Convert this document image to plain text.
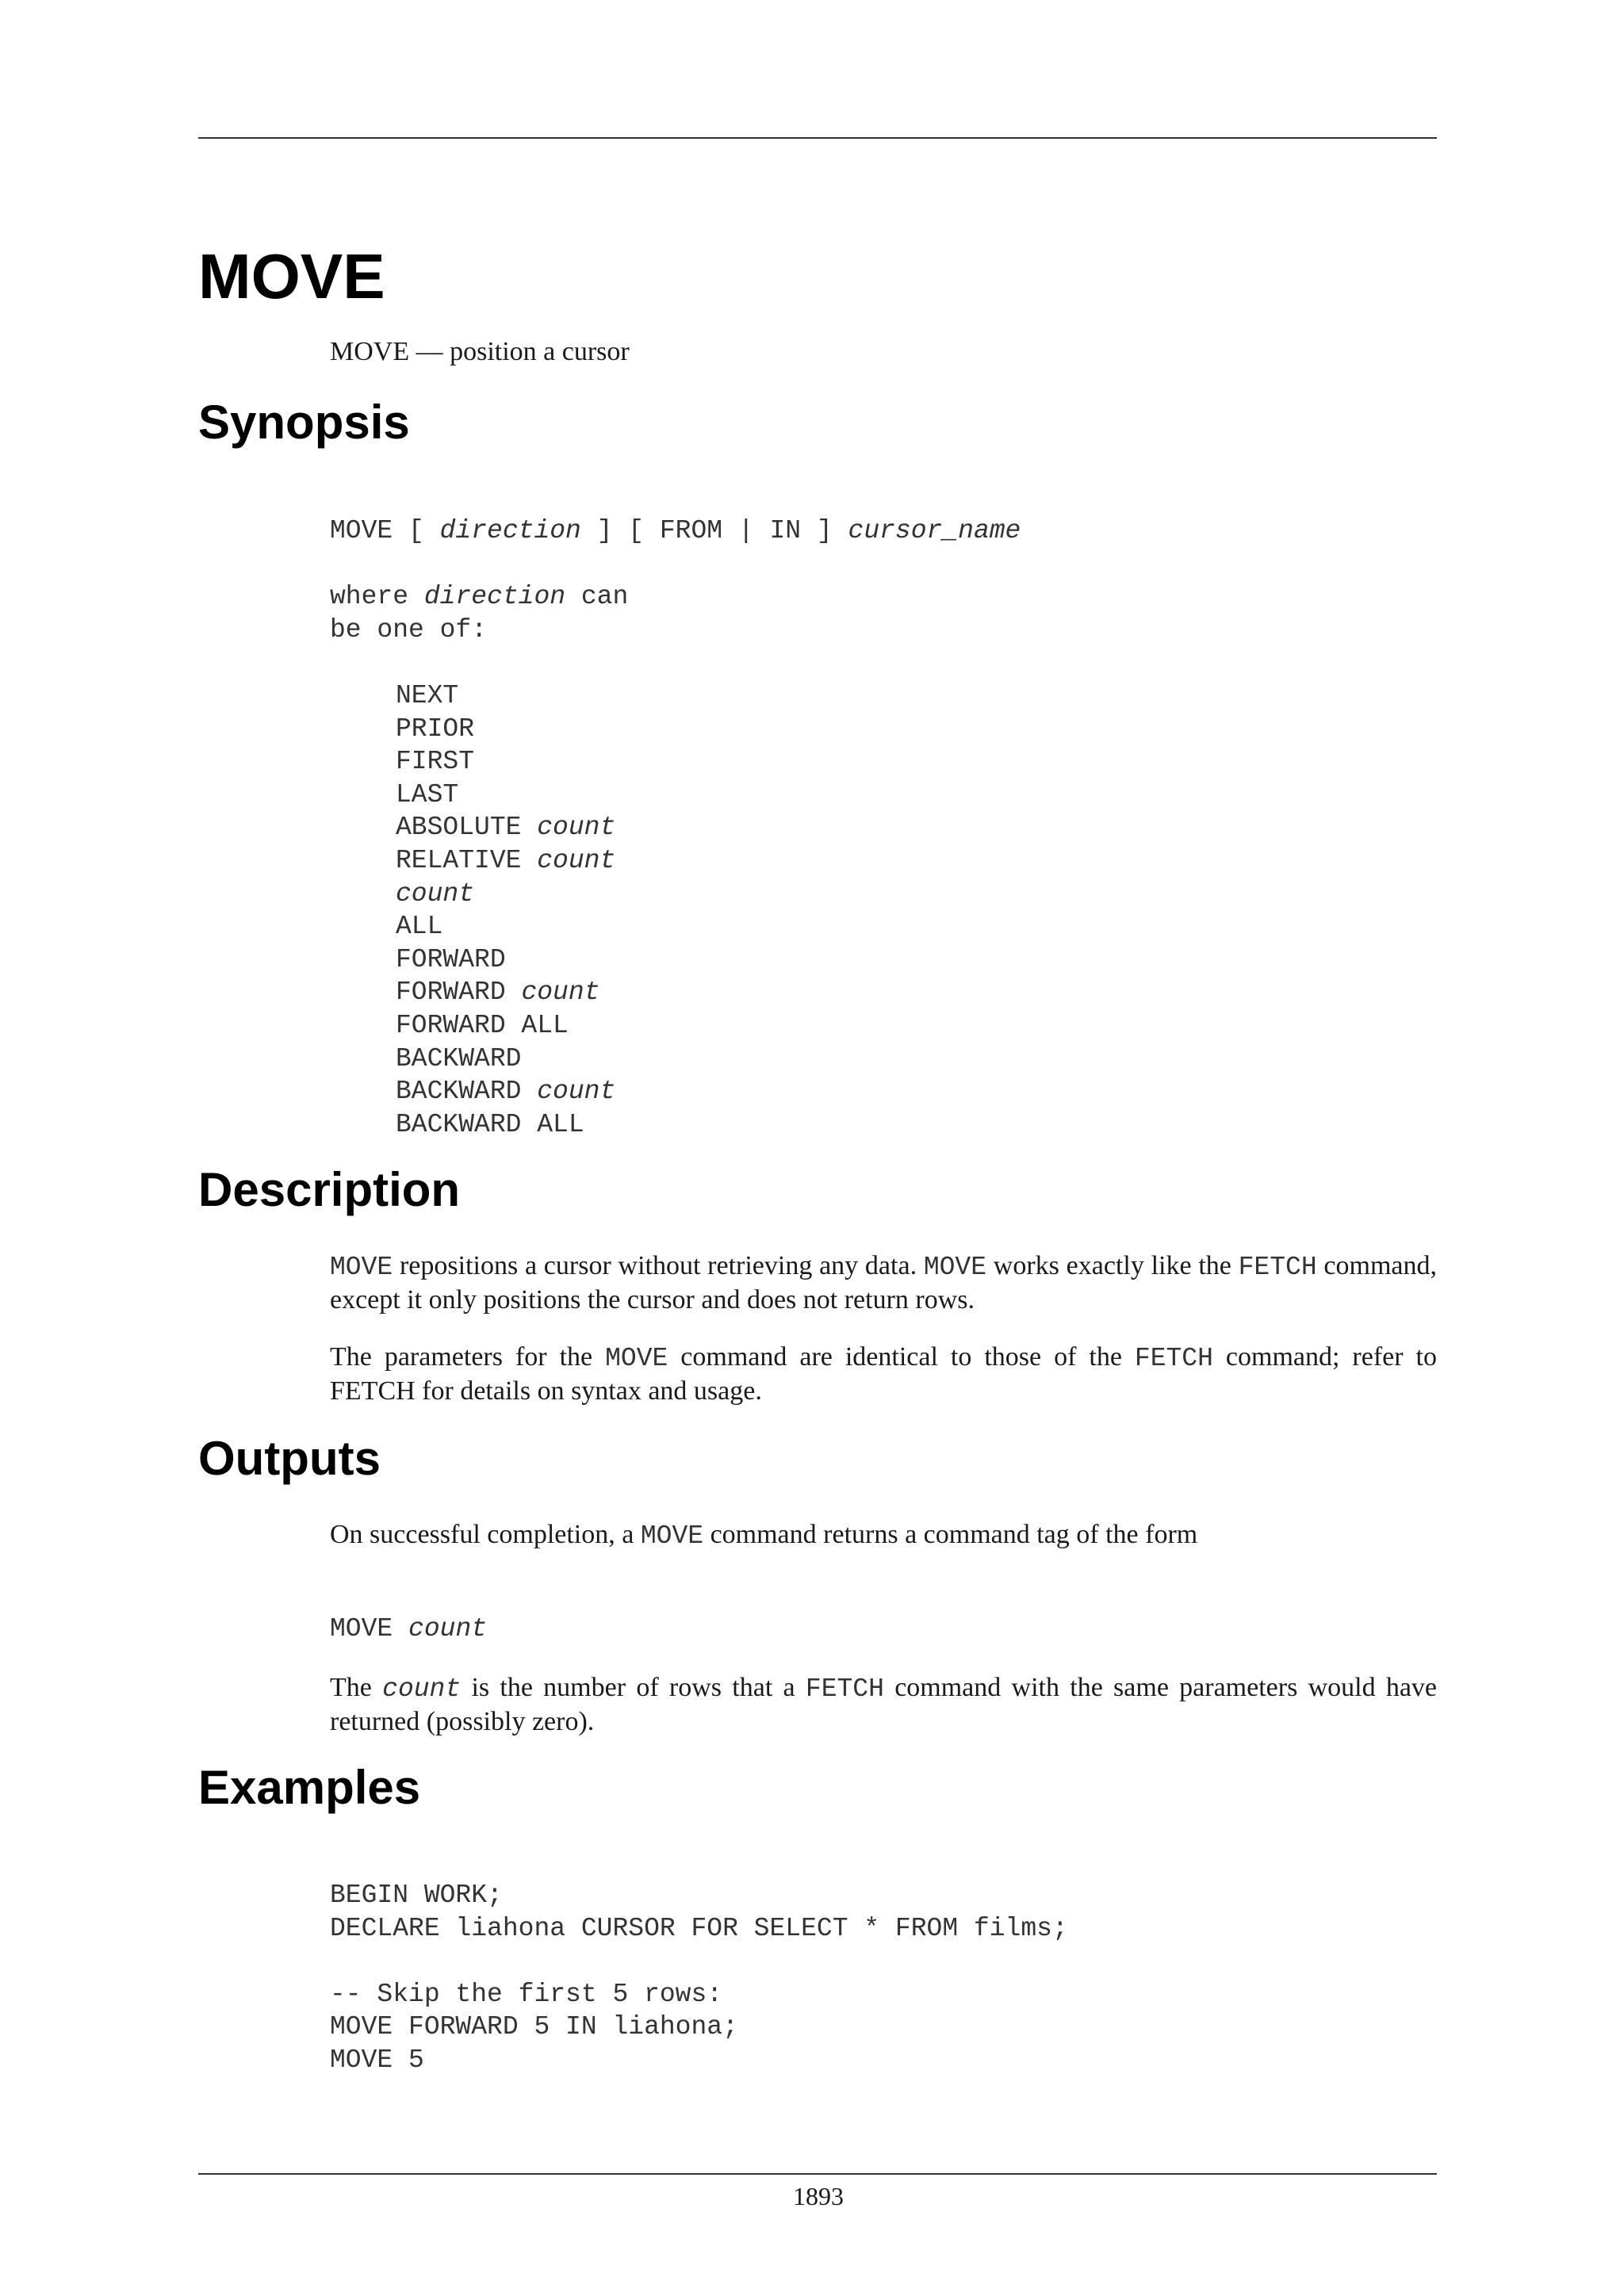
MOVE

MOVE — position a cursor

Synopsis
MOVE [ direction ] [ FROM | IN ] cursor_name
where direction can
be one of:
NEXT
PRIOR
FIRST
LAST
ABSOLUTE count
RELATIVE count
count
ALL
FORWARD
FORWARD count
FORWARD ALL
BACKWARD
BACKWARD count
BACKWARD ALL
Description

MOVE repositions a cursor without retrieving any data. MOVE works exactly like the FETCH command, except it only positions the cursor and does not return rows.

The parameters for the MOVE command are identical to those of the FETCH command; refer to FETCH for details on syntax and usage.

Outputs

On successful completion, a MOVE command returns a command tag of the form

MOVE count

The count is the number of rows that a FETCH command with the same parameters would have returned (possibly zero).

Examples
BEGIN WORK;
DECLARE liahona CURSOR FOR SELECT * FROM films;
-- Skip the first 5 rows:
MOVE FORWARD 5 IN liahona;
MOVE 5
1893
